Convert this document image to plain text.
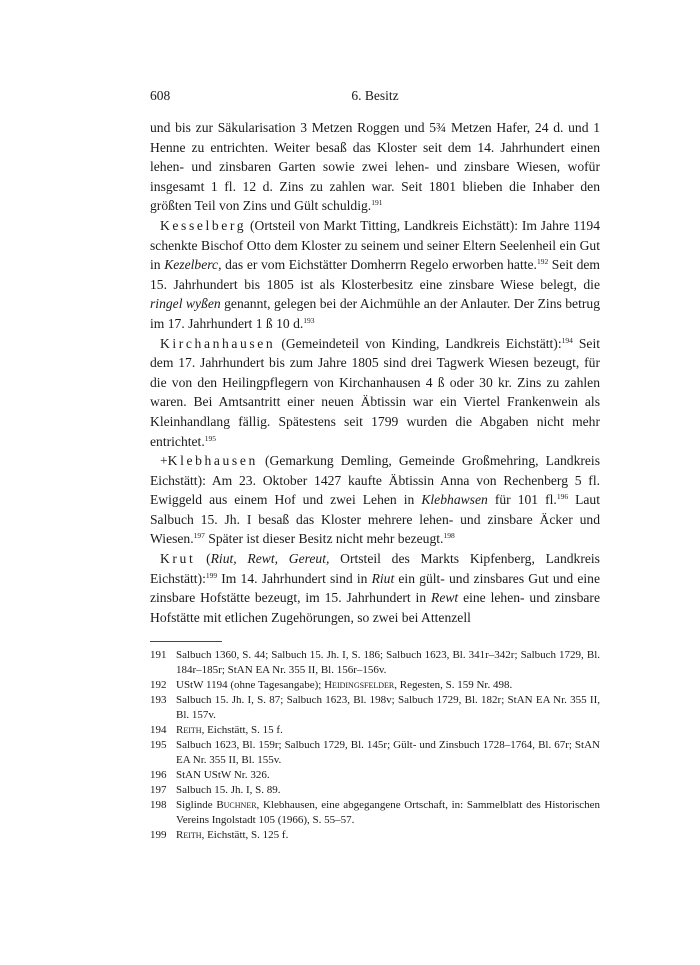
608	6. Besitz

und bis zur Säkularisation 3 Metzen Roggen und 5¾ Metzen Hafer, 24 d. und 1 Henne zu entrichten. Weiter besaß das Kloster seit dem 14. Jahrhundert einen lehen- und zinsbaren Garten sowie zwei lehen- und zinsbare Wiesen, wofür insgesamt 1 fl. 12 d. Zins zu zahlen war. Seit 1801 blieben die Inhaber den größten Teil von Zins und Gült schuldig.$^{191}$

Kesselberg (Ortsteil von Markt Titting, Landkreis Eichstätt): Im Jahre 1194 schenkte Bischof Otto dem Kloster zu seinem und seiner Eltern Seelenheil ein Gut in Kezelberc, das er vom Eichstätter Domherrn Regelo erworben hatte.$^{192}$ Seit dem 15. Jahrhundert bis 1805 ist als Klosterbesitz eine zinsbare Wiese belegt, die ringel wyßen genannt, gelegen bei der Aichmühle an der Anlauter. Der Zins betrug im 17. Jahrhundert 1 ß 10 d.$^{193}$

Kirchanhausen (Gemeindeteil von Kinding, Landkreis Eichstätt):$^{194}$ Seit dem 17. Jahrhundert bis zum Jahre 1805 sind drei Tagwerk Wiesen bezeugt, für die von den Heilingpflegern von Kirchanhausen 4 ß oder 30 kr. Zins zu zahlen waren. Bei Amtsantritt einer neuen Äbtissin war ein Viertel Frankenwein als Kleinhandlang fällig. Spätestens seit 1799 wurden die Abgaben nicht mehr entrichtet.$^{195}$

+Klebhausen (Gemarkung Demling, Gemeinde Großmehring, Landkreis Eichstätt): Am 23. Oktober 1427 kaufte Äbtissin Anna von Rechenberg 5 fl. Ewiggeld aus einem Hof und zwei Lehen in Klebhawsen für 101 fl.$^{196}$ Laut Salbuch 15. Jh. I besaß das Kloster mehrere lehen- und zinsbare Äcker und Wiesen.$^{197}$ Später ist dieser Besitz nicht mehr bezeugt.$^{198}$

Krut (Riut, Rewt, Gereut, Ortsteil des Markts Kipfenberg, Landkreis Eichstätt):$^{199}$ Im 14. Jahrhundert sind in Riut ein gült- und zinsbares Gut und eine zinsbare Hofstätte bezeugt, im 15. Jahrhundert in Rewt eine lehen- und zinsbare Hofstätte mit etlichen Zugehörungen, so zwei bei Attenzell

191 Salbuch 1360, S. 44; Salbuch 15. Jh. I, S. 186; Salbuch 1623, Bl. 341r–342r; Salbuch 1729, Bl. 184r–185r; StAN EA Nr. 355 II, Bl. 156r–156v.
192 UStW 1194 (ohne Tagesangabe); Heidingsfelder, Regesten, S. 159 Nr. 498.
193 Salbuch 15. Jh. I, S. 87; Salbuch 1623, Bl. 198v; Salbuch 1729, Bl. 182r; StAN EA Nr. 355 II, Bl. 157v.
194 Reith, Eichstätt, S. 15 f.
195 Salbuch 1623, Bl. 159r; Salbuch 1729, Bl. 145r; Gült- und Zinsbuch 1728–1764, Bl. 67r; StAN EA Nr. 355 II, Bl. 155v.
196 StAN UStW Nr. 326.
197 Salbuch 15. Jh. I, S. 89.
198 Siglinde Buchner, Klebhausen, eine abgegangene Ortschaft, in: Sammelblatt des Historischen Vereins Ingolstadt 105 (1966), S. 55–57.
199 Reith, Eichstätt, S. 125 f.
